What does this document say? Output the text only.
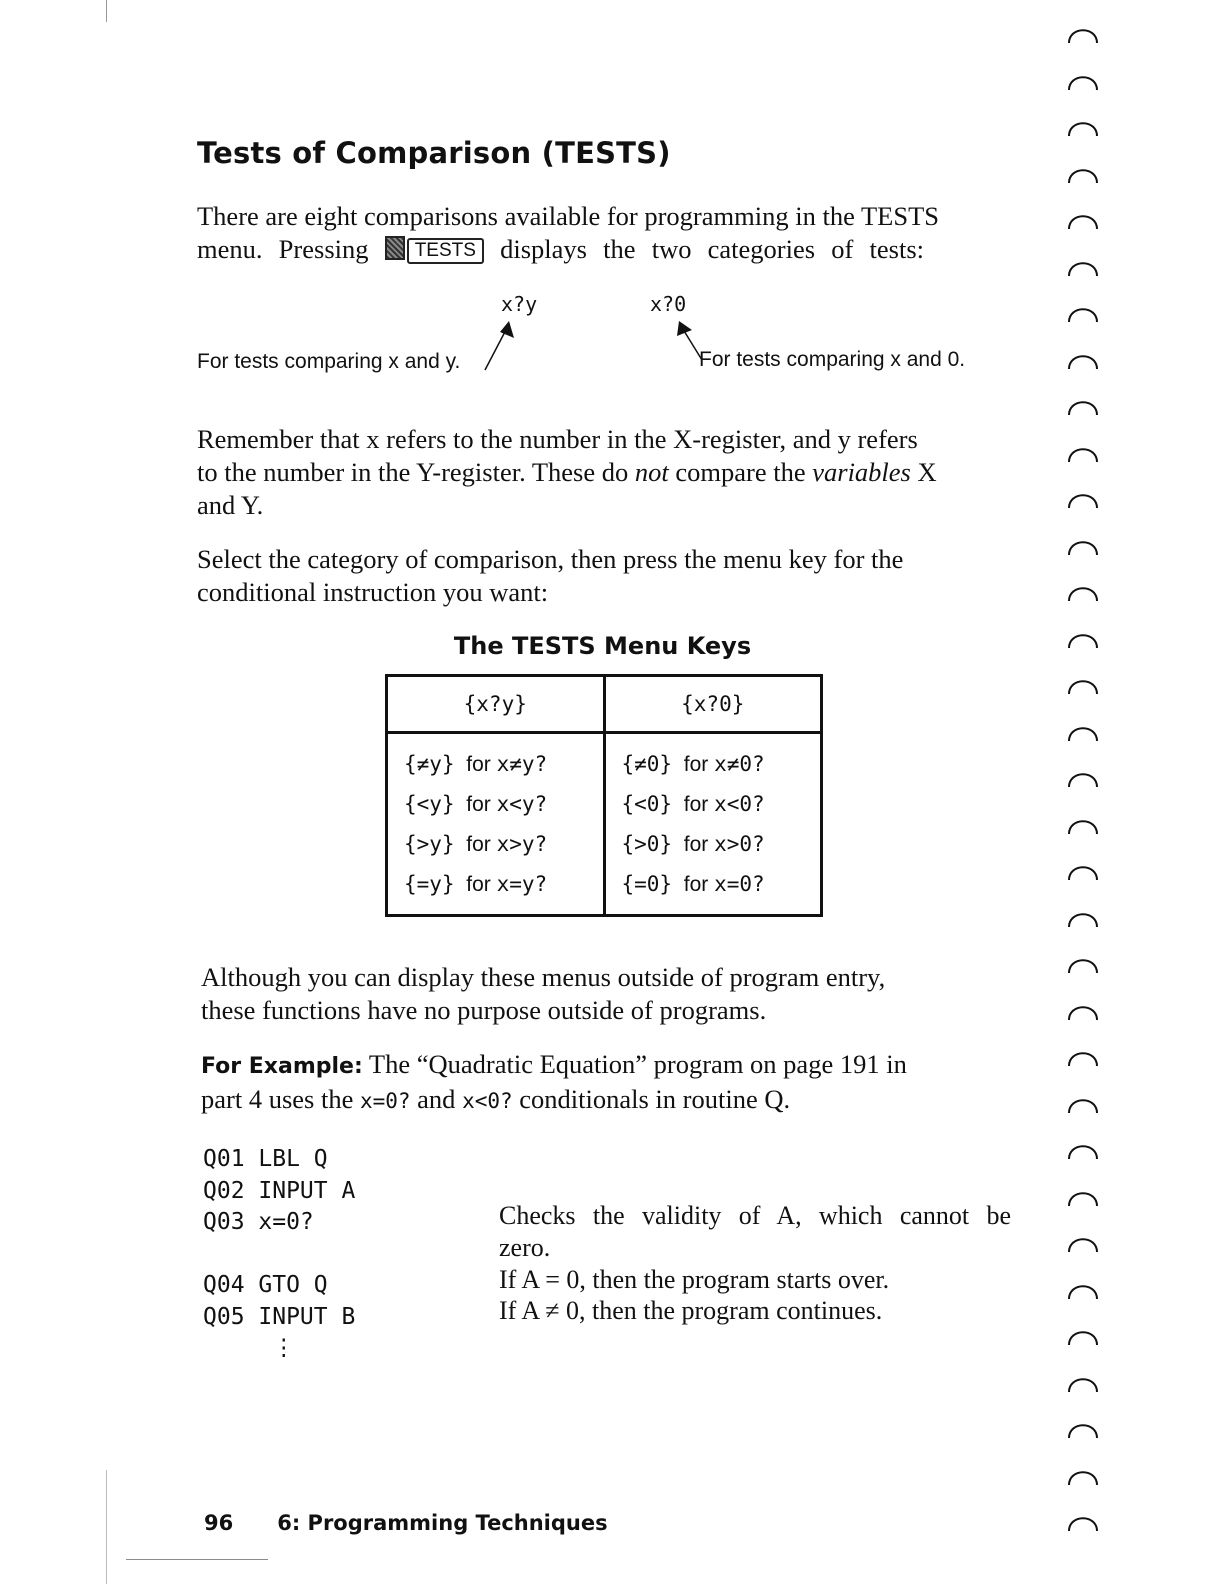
Tests of Comparison (TESTS)
There are eight comparisons available for programming in the TESTS
menu. Pressing TESTS displays the two categories of tests:
x?y	x?0
For tests comparing x and y.	For tests comparing x and 0.
Remember that x refers to the number in the X-register, and y refers
to the number in the Y-register. These do not compare the variables X
and Y.
Select the category of comparison, then press the menu key for the
conditional instruction you want:
The TESTS Menu Keys
{x?y}	{x?0}
{≠y} for x≠y?	{≠0} for x≠0?
{<y} for x<y?	{<0} for x<0?
{>y} for x>y?	{>0} for x>0?
{=y} for x=y?	{=0} for x=0?
Although you can display these menus outside of program entry,
these functions have no purpose outside of programs.
For Example: The “Quadratic Equation” program on page 191 in
part 4 uses the x=0? and x<0? conditionals in routine Q.
Q01 LBL Q
Q02 INPUT A
Q03 x=0?
Q04 GTO Q
Q05 INPUT B
⋮
Checks the validity of A, which cannot be
zero.
If A = 0, then the program starts over.
If A ≠ 0, then the program continues.
96 6: Programming Techniques
